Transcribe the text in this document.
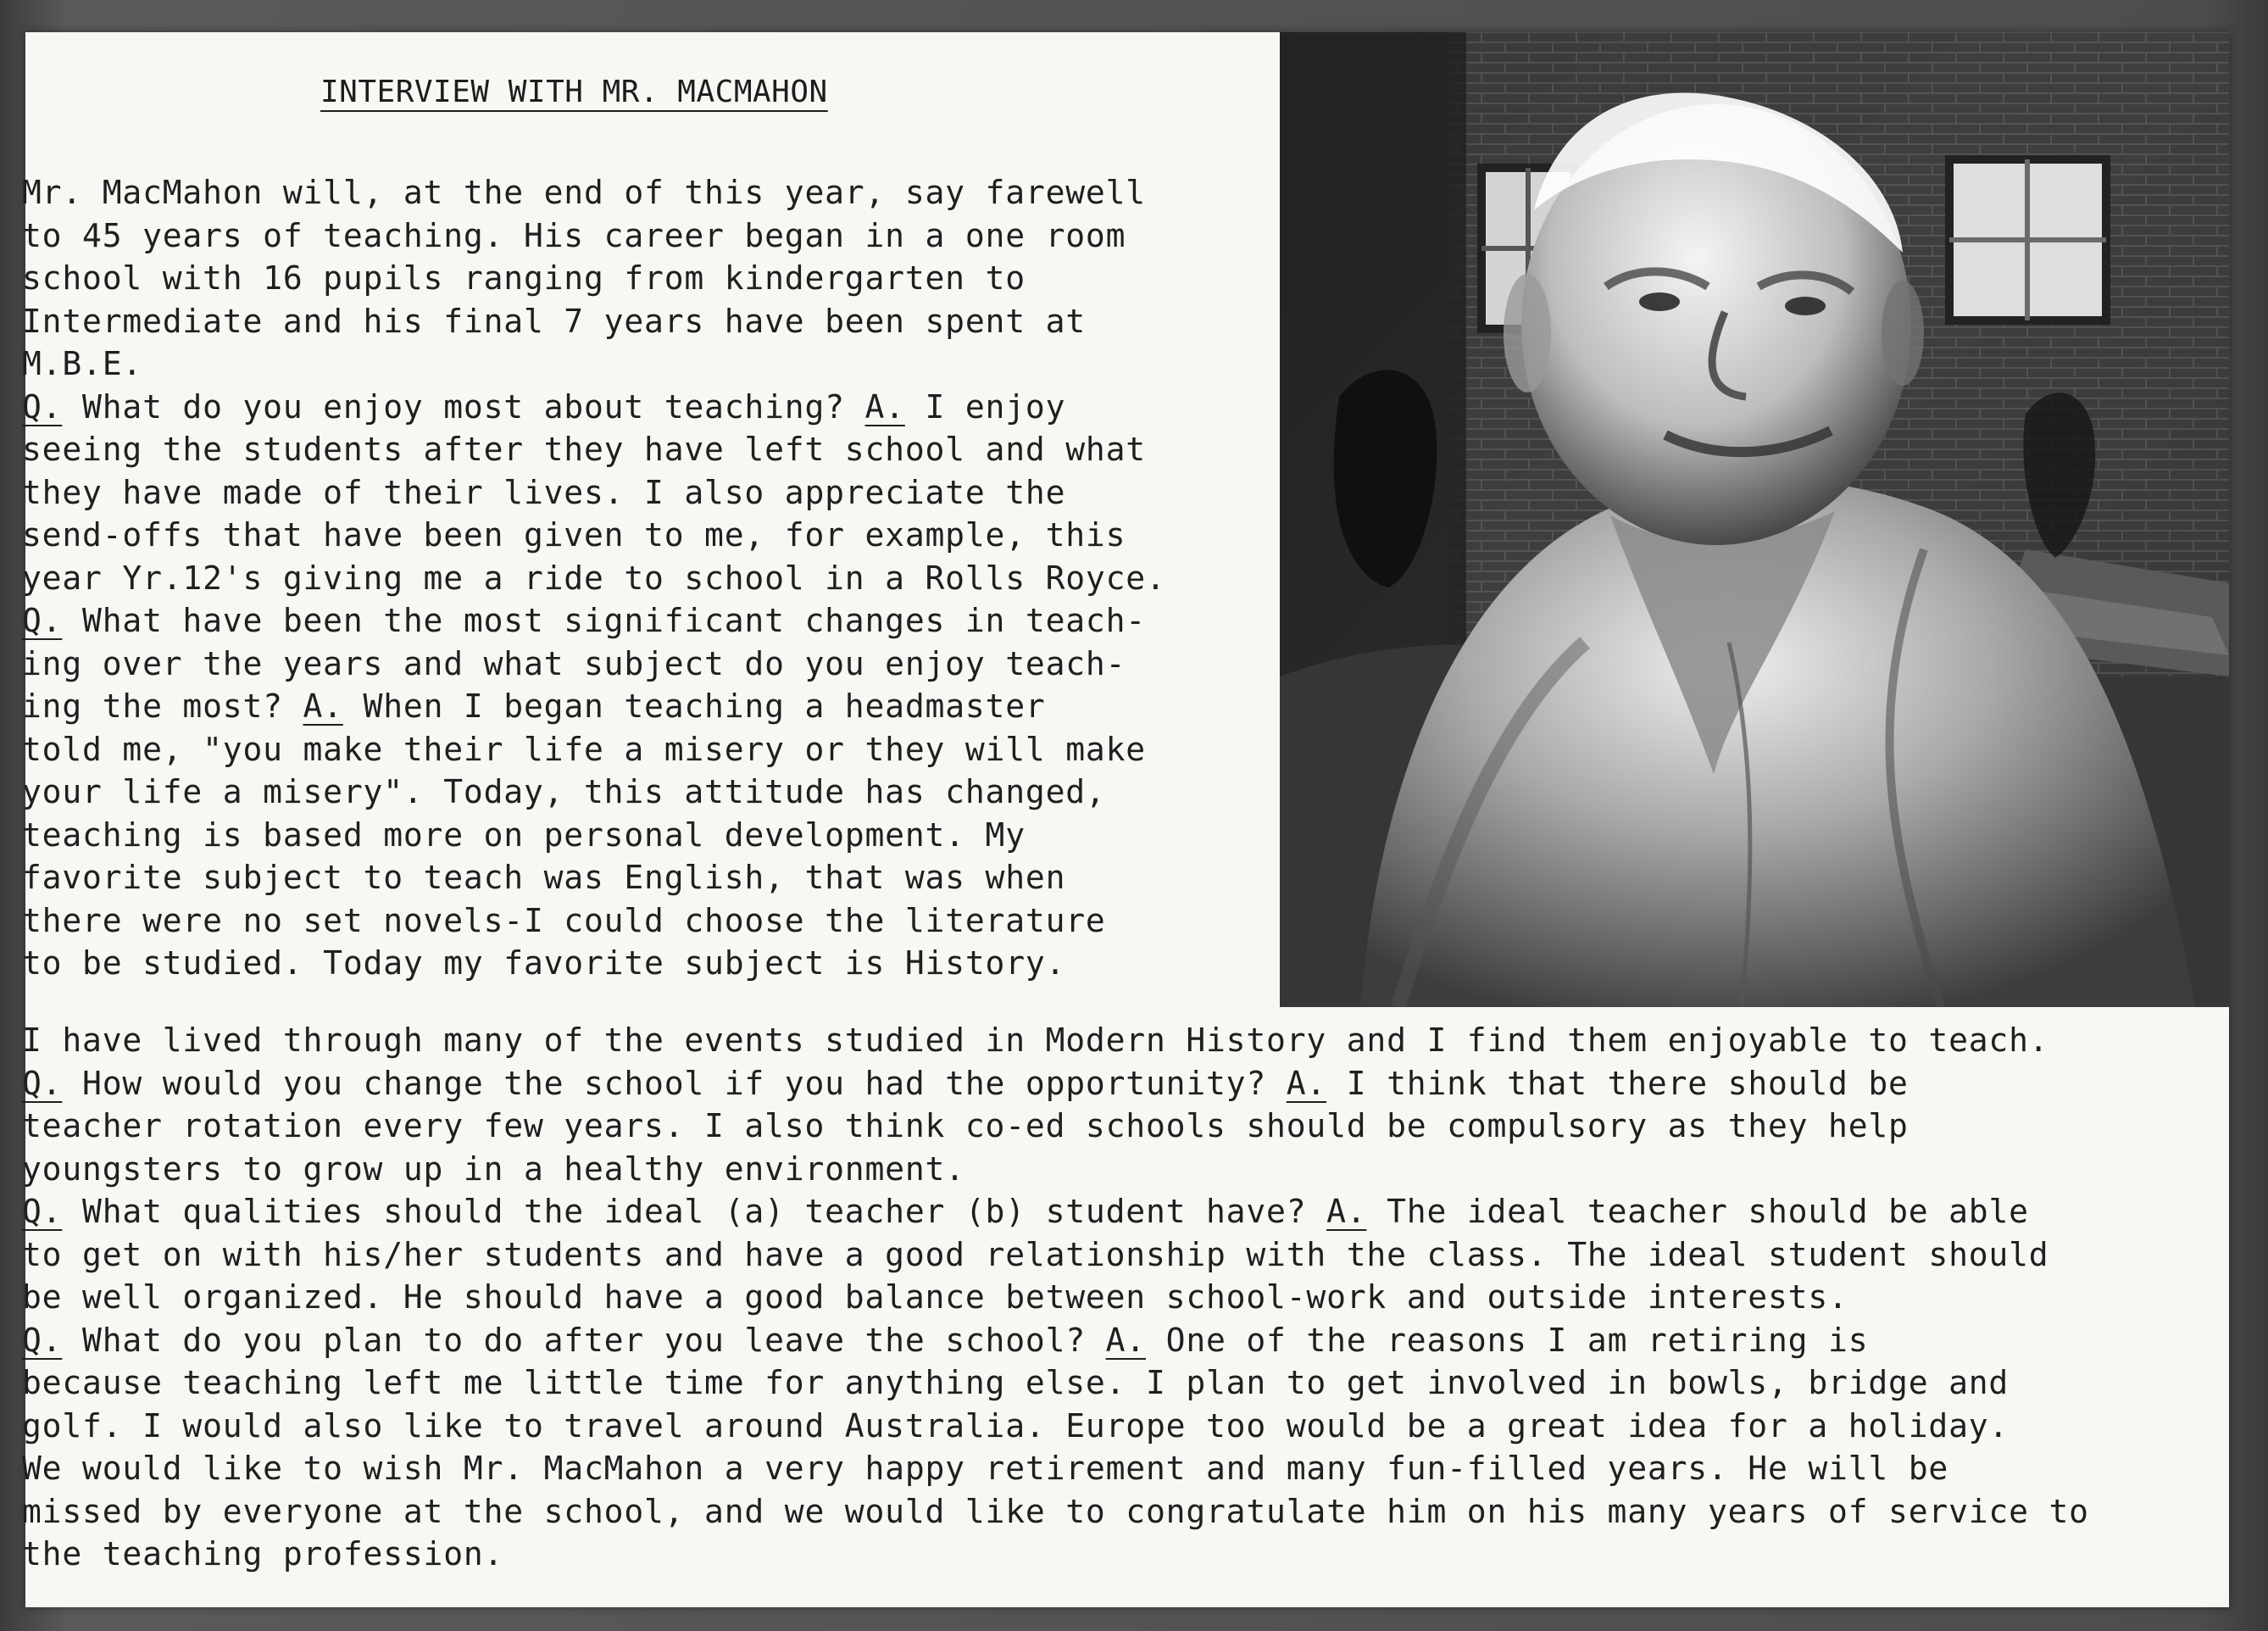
INTERVIEW WITH MR. MACMAHON
Mr. MacMahon will, at the end of this year, say farewell
to 45 years of teaching. His career began in a one room
school with 16 pupils ranging from kindergarten to
Intermediate and his final 7 years have been spent at
M.B.E.
Q. What do you enjoy most about teaching? A. I enjoy
seeing the students after they have left school and what
they have made of their lives. I also appreciate the
send-offs that have been given to me, for example, this
year Yr.12's giving me a ride to school in a Rolls Royce.
Q. What have been the most significant changes in teach-
ing over the years and what subject do you enjoy teach-
ing the most? A. When I began teaching a headmaster
told me, "you make their life a misery or they will make
your life a misery". Today, this attitude has changed,
teaching is based more on personal development. My
favorite subject to teach was English, that was when
there were no set novels-I could choose the literature
to be studied. Today my favorite subject is History.
I have lived through many of the events studied in Modern History and I find them enjoyable to teach.
Q. How would you change the school if you had the opportunity? A. I think that there should be
teacher rotation every few years. I also think co-ed schools should be compulsory as they help
youngsters to grow up in a healthy environment.
Q. What qualities should the ideal (a) teacher (b) student have? A. The ideal teacher should be able
to get on with his/her students and have a good relationship with the class. The ideal student should
be well organized. He should have a good balance between school-work and outside interests.
Q. What do you plan to do after you leave the school? A. One of the reasons I am retiring is
because teaching left me little time for anything else. I plan to get involved in bowls, bridge and
golf. I would also like to travel around Australia. Europe too would be a great idea for a holiday.
We would like to wish Mr. MacMahon a very happy retirement and many fun-filled years. He will be
missed by everyone at the school, and we would like to congratulate him on his many years of service to
the teaching profession.
